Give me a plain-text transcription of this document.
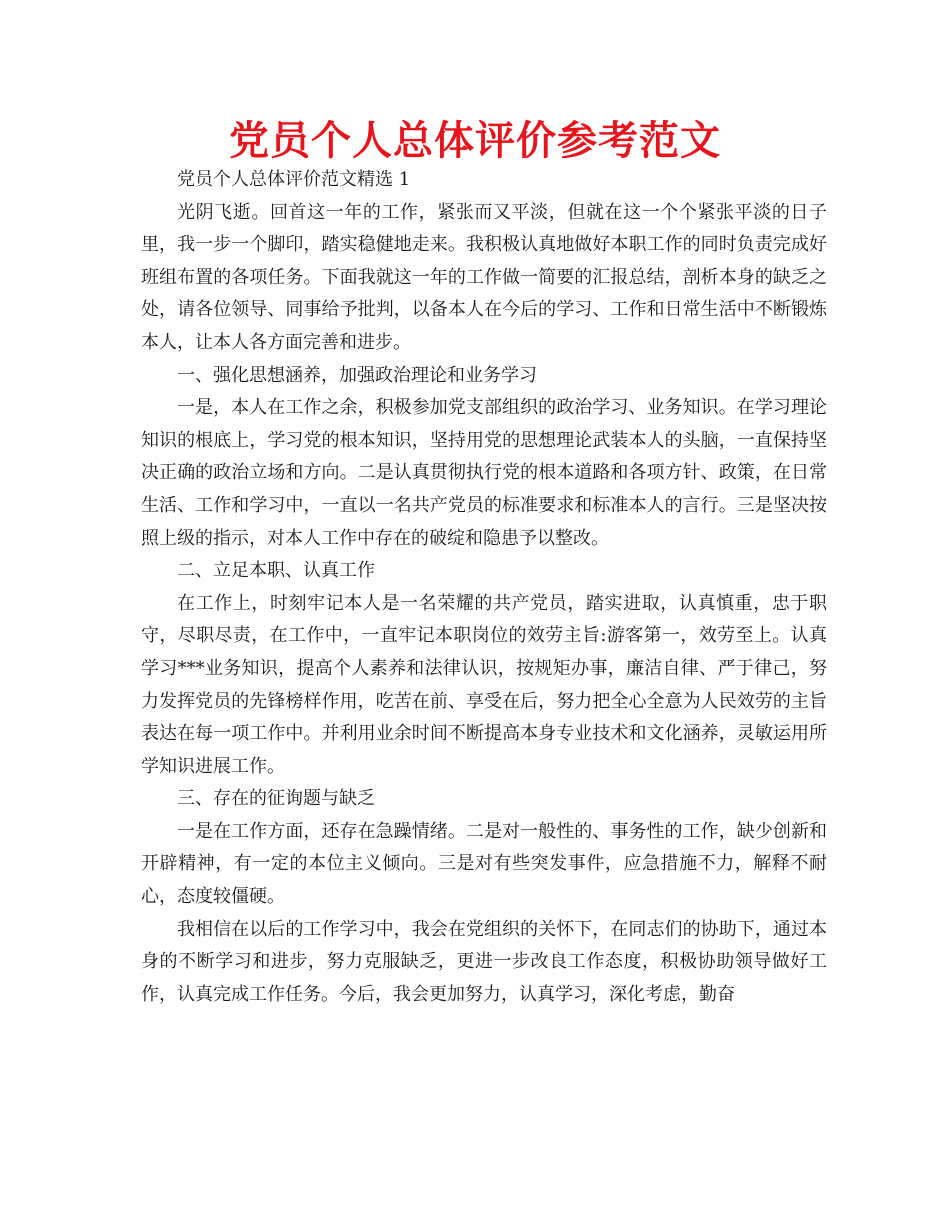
党员个人总体评价参考范文

党员个人总体评价范文精选 1

光阴飞逝。回首这一年的工作，紧张而又平淡，但就在这一个个紧张平淡的日子里，我一步一个脚印，踏实稳健地走来。我积极认真地做好本职工作的同时负责完成好班组布置的各项任务。下面我就这一年的工作做一简要的汇报总结，剖析本身的缺乏之处，请各位领导、同事给予批判，以备本人在今后的学习、工作和日常生活中不断锻炼本人，让本人各方面完善和进步。

一、强化思想涵养，加强政治理论和业务学习

一是，本人在工作之余，积极参加党支部组织的政治学习、业务知识。在学习理论知识的根底上，学习党的根本知识，坚持用党的思想理论武装本人的头脑，一直保持坚决正确的政治立场和方向。二是认真贯彻执行党的根本道路和各项方针、政策，在日常生活、工作和学习中，一直以一名共产党员的标准要求和标准本人的言行。三是坚决按照上级的指示，对本人工作中存在的破绽和隐患予以整改。

二、立足本职、认真工作

在工作上，时刻牢记本人是一名荣耀的共产党员，踏实进取，认真慎重，忠于职守，尽职尽责，在工作中，一直牢记本职岗位的效劳主旨:游客第一，效劳至上。认真学习***业务知识，提高个人素养和法律认识，按规矩办事，廉洁自律、严于律己，努力发挥党员的先锋榜样作用，吃苦在前、享受在后，努力把全心全意为人民效劳的主旨表达在每一项工作中。并利用业余时间不断提高本身专业技术和文化涵养，灵敏运用所学知识进展工作。

三、存在的征询题与缺乏

一是在工作方面，还存在急躁情绪。二是对一般性的、事务性的工作，缺少创新和开辟精神，有一定的本位主义倾向。三是对有些突发事件，应急措施不力，解释不耐心，态度较僵硬。

我相信在以后的工作学习中，我会在党组织的关怀下，在同志们的协助下，通过本身的不断学习和进步，努力克服缺乏，更进一步改良工作态度，积极协助领导做好工作，认真完成工作任务。今后，我会更加努力，认真学习，深化考虑，勤奋
